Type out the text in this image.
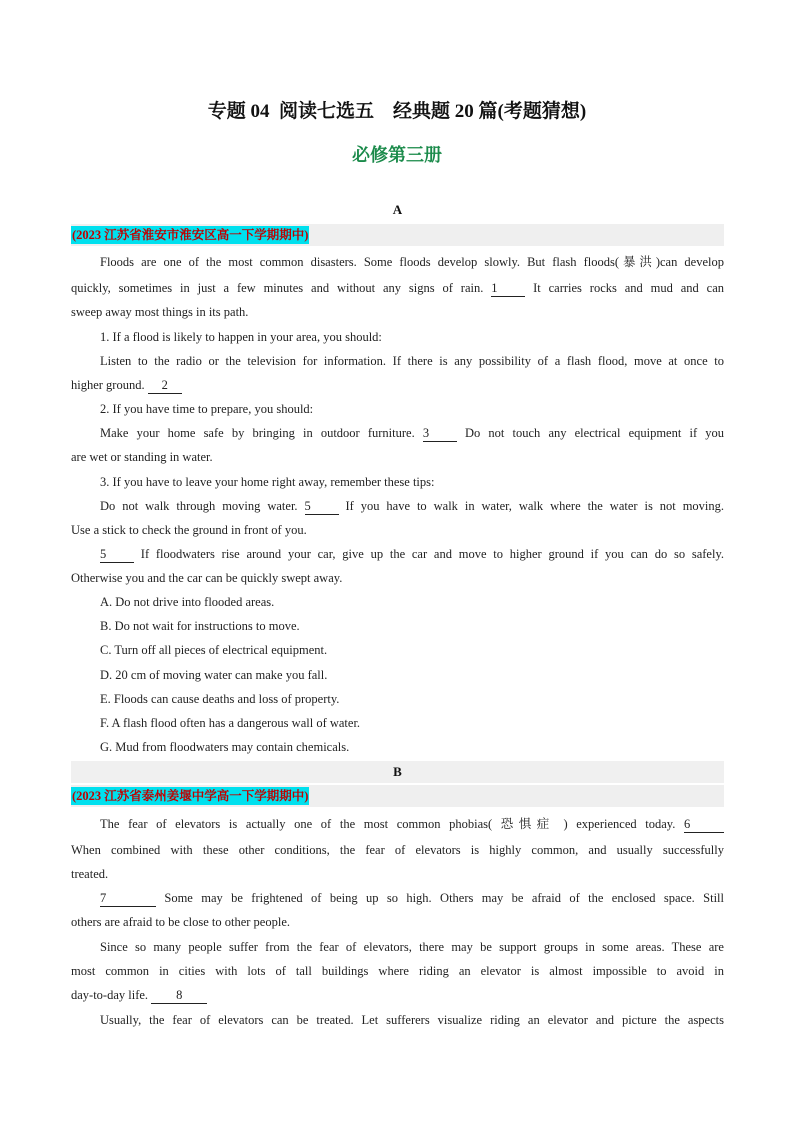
专题 04  阅读七选五    经典题 20 篇(考题猜想)
必修第三册
A
(2023 江苏省淮安市淮安区高一下学期期中)
Floods are one of the most common disasters. Some floods develop slowly. But flash floods(暴洪)can develop
quickly, sometimes in just a few minutes and without any signs of rain. 1	It carries rocks and mud and can
sweep away most things in its path.
1. If a flood is likely to happen in your area, you should:
Listen to the radio or the television for information. If there is any possibility of a flash flood, move at once to
higher ground. 2
2. If you have time to prepare, you should:
Make your home safe by bringing in outdoor furniture. 3	Do not touch any electrical equipment if you
are wet or standing in water.
3. If you have to leave your home right away, remember these tips:
Do not walk through moving water. 5	If you have to walk in water, walk where the water is not moving.
Use a stick to check the ground in front of you.
5	If floodwaters rise around your car, give up the car and move to higher ground if you can do so safely.
Otherwise you and the car can be quickly swept away.
A. Do not drive into flooded areas.
B. Do not wait for instructions to move.
C. Turn off all pieces of electrical equipment.
D. 20 cm of moving water can make you fall.
E. Floods can cause deaths and loss of property.
F. A flash flood often has a dangerous wall of water.
G. Mud from floodwaters may contain chemicals.
B
(2023 江苏省泰州姜堰中学高一下学期期中)
The fear of elevators is actually one of the most common phobias( 恐惧症 ) experienced today. 6
When combined with these other conditions, the fear of elevators is highly common, and usually successfully
treated.
7	Some may be frightened of being up so high. Others may be afraid of the enclosed space. Still
others are afraid to be close to other people.
Since so many people suffer from the fear of elevators, there may be support groups in some areas. These are
most common in cities with lots of tall buildings where riding an elevator is almost impossible to avoid in
day-to-day life. 8
Usually, the fear of elevators can be treated. Let sufferers visualize riding an elevator and picture the aspects
